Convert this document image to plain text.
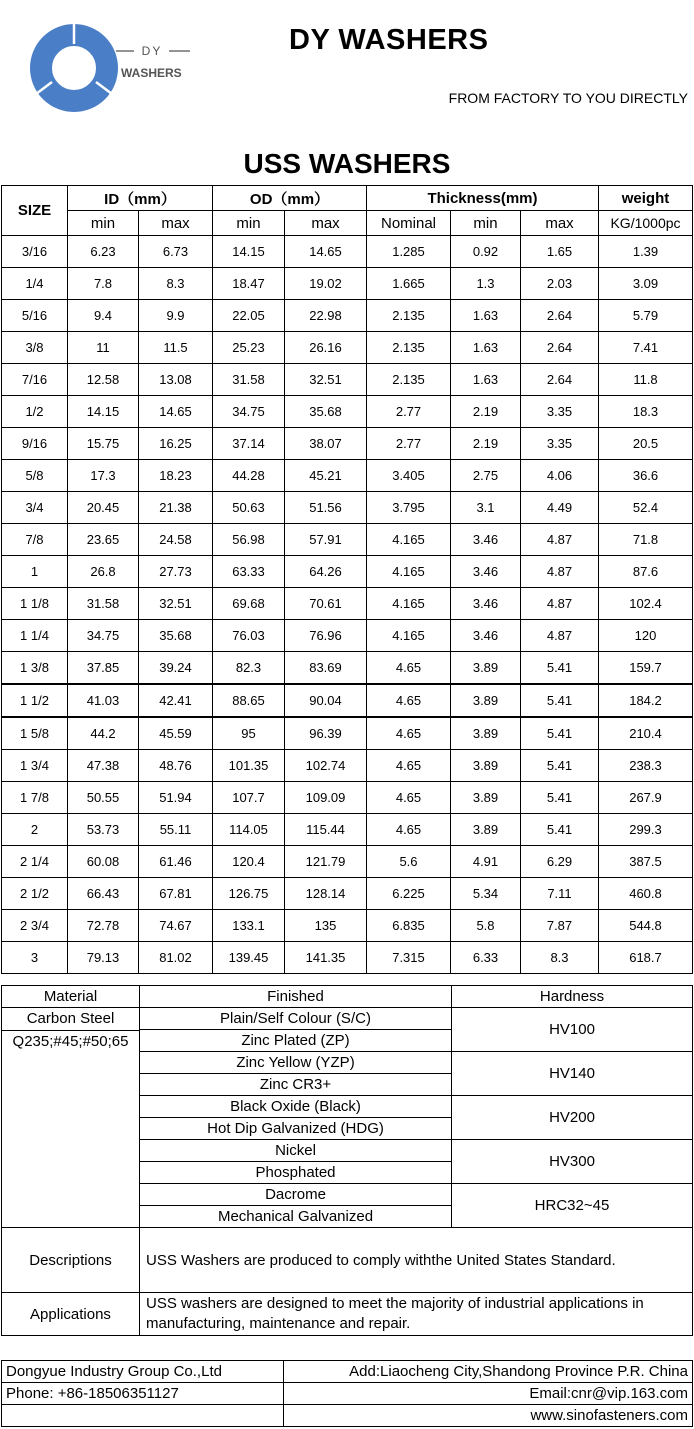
DY
WASHERS
DY WASHERS
FROM FACTORY TO YOU DIRECTLY
USS WASHERS
SIZE	ID（mm）		OD（mm）		Thickness(mm)			weight
	min	max	min	max	Nominal	min	max	KG/1000pc
3/16	6.23	6.73	14.15	14.65	1.285	0.92	1.65	1.39
1/4	7.8	8.3	18.47	19.02	1.665	1.3	2.03	3.09
5/16	9.4	9.9	22.05	22.98	2.135	1.63	2.64	5.79
3/8	11	11.5	25.23	26.16	2.135	1.63	2.64	7.41
7/16	12.58	13.08	31.58	32.51	2.135	1.63	2.64	11.8
1/2	14.15	14.65	34.75	35.68	2.77	2.19	3.35	18.3
9/16	15.75	16.25	37.14	38.07	2.77	2.19	3.35	20.5
5/8	17.3	18.23	44.28	45.21	3.405	2.75	4.06	36.6
3/4	20.45	21.38	50.63	51.56	3.795	3.1	4.49	52.4
7/8	23.65	24.58	56.98	57.91	4.165	3.46	4.87	71.8
1	26.8	27.73	63.33	64.26	4.165	3.46	4.87	87.6
1 1/8	31.58	32.51	69.68	70.61	4.165	3.46	4.87	102.4
1 1/4	34.75	35.68	76.03	76.96	4.165	3.46	4.87	120
1 3/8	37.85	39.24	82.3	83.69	4.65	3.89	5.41	159.7
1 1/2	41.03	42.41	88.65	90.04	4.65	3.89	5.41	184.2
1 5/8	44.2	45.59	95	96.39	4.65	3.89	5.41	210.4
1 3/4	47.38	48.76	101.35	102.74	4.65	3.89	5.41	238.3
1 7/8	50.55	51.94	107.7	109.09	4.65	3.89	5.41	267.9
2	53.73	55.11	114.05	115.44	4.65	3.89	5.41	299.3
2 1/4	60.08	61.46	120.4	121.79	5.6	4.91	6.29	387.5
2 1/2	66.43	67.81	126.75	128.14	6.225	5.34	7.11	460.8
2 3/4	72.78	74.67	133.1	135	6.835	5.8	7.87	544.8
3	79.13	81.02	139.45	141.35	7.315	6.33	8.3	618.7
Material	Finished	Hardness

Carbon Steel
Q235;#45;#50;65	Plain/Self Colour (S/C)	HV100
	Zinc Plated (ZP)	
	Zinc Yellow (YZP)	HV140
	Zinc CR3+	
	Black Oxide (Black)	HV200
	Hot Dip Galvanized (HDG)	
	Nickel	HV300
	Phosphated	
	Dacrome	HRC32~45
	Mechanical Galvanized	
Descriptions	USS Washers are produced to comply withthe United States Standard.	
Applications	USS washers are designed to meet the majority of industrial applications in manufacturing, maintenance and repair.	
Dongyue Industry Group Co.,Ltd	Add:Liaocheng City,Shandong Province P.R. China
Phone: +86-18506351127	Email:cnr@vip.163.com
	www.sinofasteners.com
